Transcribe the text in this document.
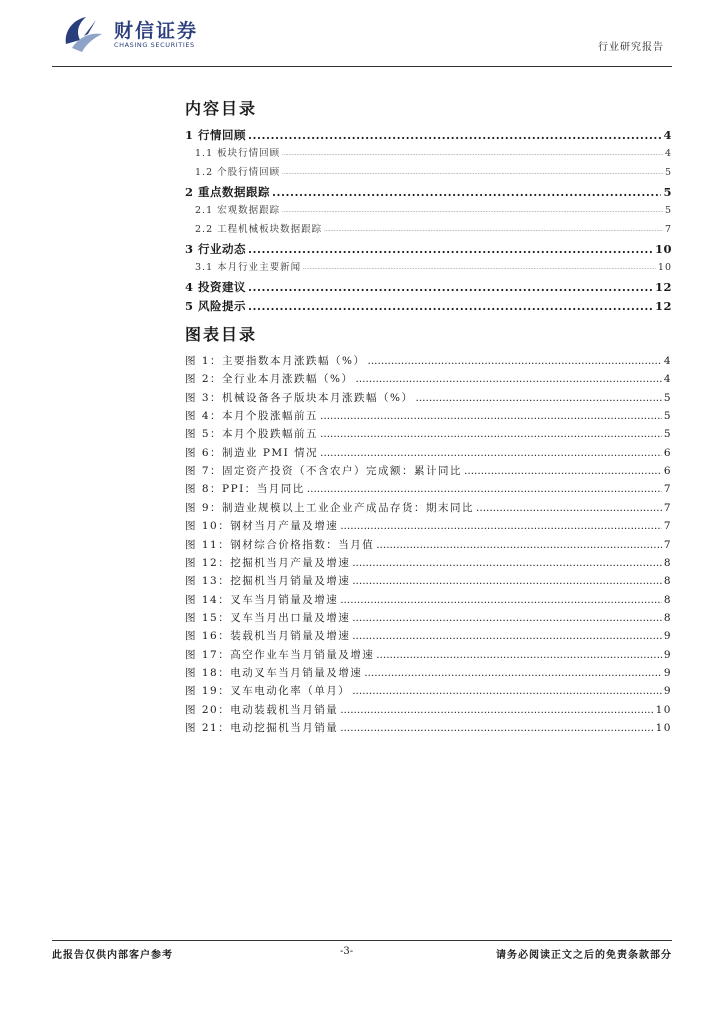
财信证券
CHASING SECURITIES	行业研究报告
内容目录
1 行情回顾 .....	4
1.1 板块行情回顾 .....	4
1.2 个股行情回顾 .....	5
2 重点数据跟踪 .....	5
2.1 宏观数据跟踪 .....	5
2.2 工程机械板块数据跟踪 .....	7
3 行业动态 .....	10
3.1 本月行业主要新闻 .....	10
4 投资建议 .....	12
5 风险提示 .....	12
图表目录
图 1：主要指数本月涨跌幅（%） .....	4
图 2：全行业本月涨跌幅（%） .....	4
图 3：机械设备各子版块本月涨跌幅（%） .....	5
图 4：本月个股涨幅前五 .....	5
图 5：本月个股跌幅前五 .....	5
图 6：制造业 PMI 情况 .....	6
图 7：固定资产投资（不含农户）完成额：累计同比 .....	6
图 8：PPI：当月同比 .....	7
图 9：制造业规模以上工业企业产成品存货：期末同比 .....	7
图 10：钢材当月产量及增速 .....	7
图 11：钢材综合价格指数：当月值 .....	7
图 12：挖掘机当月产量及增速 .....	8
图 13：挖掘机当月销量及增速 .....	8
图 14：叉车当月销量及增速 .....	8
图 15：叉车当月出口量及增速 .....	8
图 16：装载机当月销量及增速 .....	9
图 17：高空作业车当月销量及增速 .....	9
图 18：电动叉车当月销量及增速 .....	9
图 19：叉车电动化率（单月） .....	9
图 20：电动装载机当月销量 .....	10
图 21：电动挖掘机当月销量 .....	10
此报告仅供内部客户参考	-3-	请务必阅读正文之后的免责条款部分
